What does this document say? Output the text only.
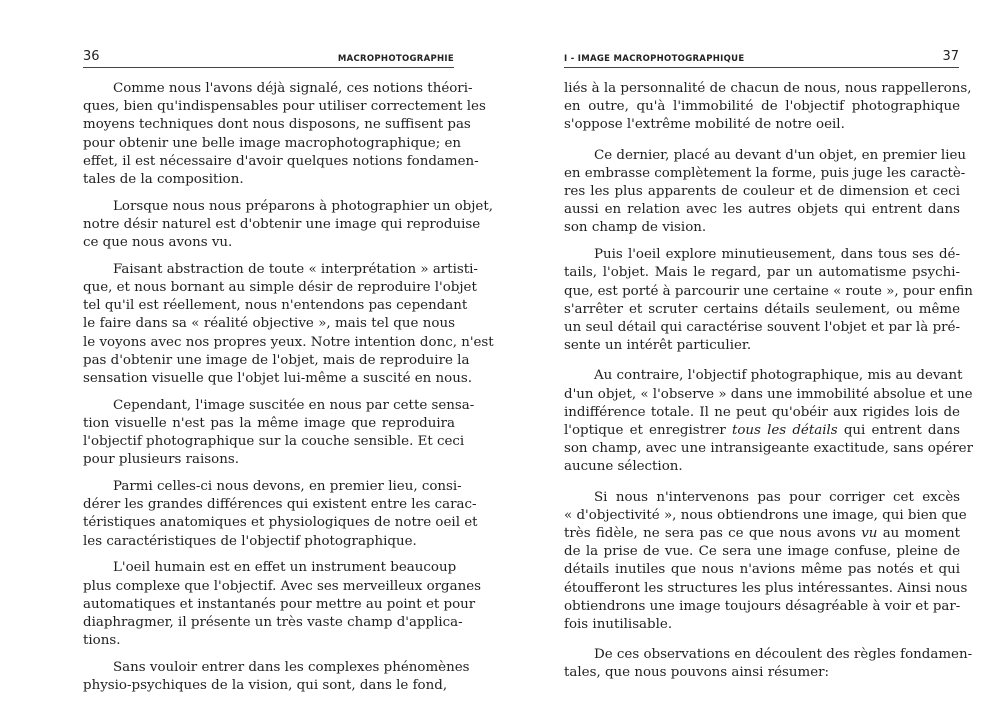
36	MACROPHOTOGRAPHIE
Comme nous l'avons déjà signalé, ces notions théori-
ques, bien qu'indispensables pour utiliser correctement les
moyens techniques dont nous disposons, ne suffisent pas
pour obtenir une belle image macrophotographique; en
effet, il est nécessaire d'avoir quelques notions fondamen-
tales de la composition.
Lorsque nous nous préparons à photographier un objet,
notre désir naturel est d'obtenir une image qui reproduise
ce que nous avons vu.
Faisant abstraction de toute « interprétation » artisti-
que, et nous bornant au simple désir de reproduire l'objet
tel qu'il est réellement, nous n'entendons pas cependant
le faire dans sa « réalité objective », mais tel que nous
le voyons avec nos propres yeux. Notre intention donc, n'est
pas d'obtenir une image de l'objet, mais de reproduire la
sensation visuelle que l'objet lui-même a suscité en nous.
Cependant, l'image suscitée en nous par cette sensa-
tion visuelle n'est pas la même image que reproduira
l'objectif photographique sur la couche sensible. Et ceci
pour plusieurs raisons.
Parmi celles-ci nous devons, en premier lieu, consi-
dérer les grandes différences qui existent entre les carac-
téristiques anatomiques et physiologiques de notre oeil et
les caractéristiques de l'objectif photographique.
L'oeil humain est en effet un instrument beaucoup
plus complexe que l'objectif. Avec ses merveilleux organes
automatiques et instantanés pour mettre au point et pour
diaphragmer, il présente un très vaste champ d'applica-
tions.
Sans vouloir entrer dans les complexes phénomènes
physio-psychiques de la vision, qui sont, dans le fond,
I - IMAGE MACROPHOTOGRAPHIQUE	37
liés à la personnalité de chacun de nous, nous rappellerons,
en outre, qu'à l'immobilité de l'objectif photographique
s'oppose l'extrême mobilité de notre oeil.
Ce dernier, placé au devant d'un objet, en premier lieu
en embrasse complètement la forme, puis juge les caractè-
res les plus apparents de couleur et de dimension et ceci
aussi en relation avec les autres objets qui entrent dans
son champ de vision.
Puis l'oeil explore minutieusement, dans tous ses dé-
tails, l'objet. Mais le regard, par un automatisme psychi-
que, est porté à parcourir une certaine « route », pour enfin
s'arrêter et scruter certains détails seulement, ou même
un seul détail qui caractérise souvent l'objet et par là pré-
sente un intérêt particulier.
Au contraire, l'objectif photographique, mis au devant
d'un objet, « l'observe » dans une immobilité absolue et une
indifférence totale. Il ne peut qu'obéir aux rigides lois de
l'optique et enregistrer tous les détails qui entrent dans
son champ, avec une intransigeante exactitude, sans opérer
aucune sélection.
Si nous n'intervenons pas pour corriger cet excès
« d'objectivité », nous obtiendrons une image, qui bien que
très fidèle, ne sera pas ce que nous avons vu au moment
de la prise de vue. Ce sera une image confuse, pleine de
détails inutiles que nous n'avions même pas notés et qui
étoufferont les structures les plus intéressantes. Ainsi nous
obtiendrons une image toujours désagréable à voir et par-
fois inutilisable.
De ces observations en découlent des règles fondamen-
tales, que nous pouvons ainsi résumer:
